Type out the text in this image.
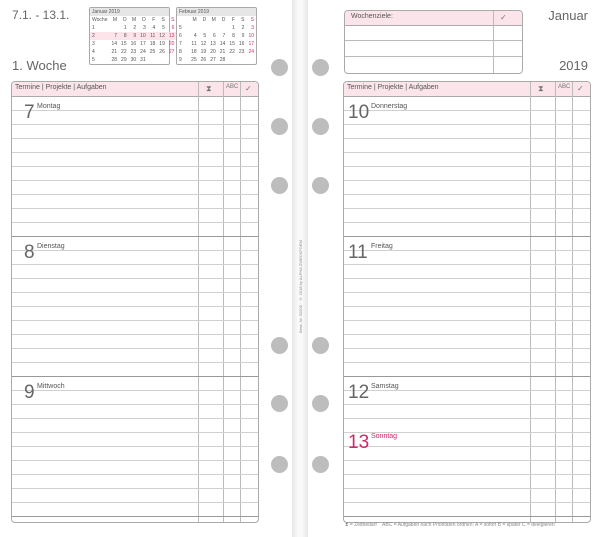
7.1. - 13.1.
1. Woche
Januar 2019
Woche	M	D	M	D	F	S	S
1		1	2	3	4	5	6
2	7	8	9	10	11	12	13
3	14	15	16	17	18	19	20
4	21	22	23	24	25	26	27
5	28	29	30	31			
Februar 2019
	M	D	M	D	F	S	S
5					1	2	3
6	4	5	6	7	8	9	10
7	11	12	13	14	15	16	17
8	18	19	20	21	22	23	24
9	25	26	27	28			
Termine | Projekte | Aufgaben	⧗ ABC ✓
7 Montag
8 Dienstag
9 Mittwoch
Best.-Nr. 50209 · © 2018 by ALPHA ZWECKFORM
Januar
2019
Wochenziele:	✓
Termine | Projekte | Aufgaben	⧗ ABC ✓
10 Donnerstag
11 Freitag
12 Samstag
13 Sonntag
⧗ = Zeitbedarf ABC = Aufgaben nach Prioritäten ordnen: A = sofort B = später C = delegieren
